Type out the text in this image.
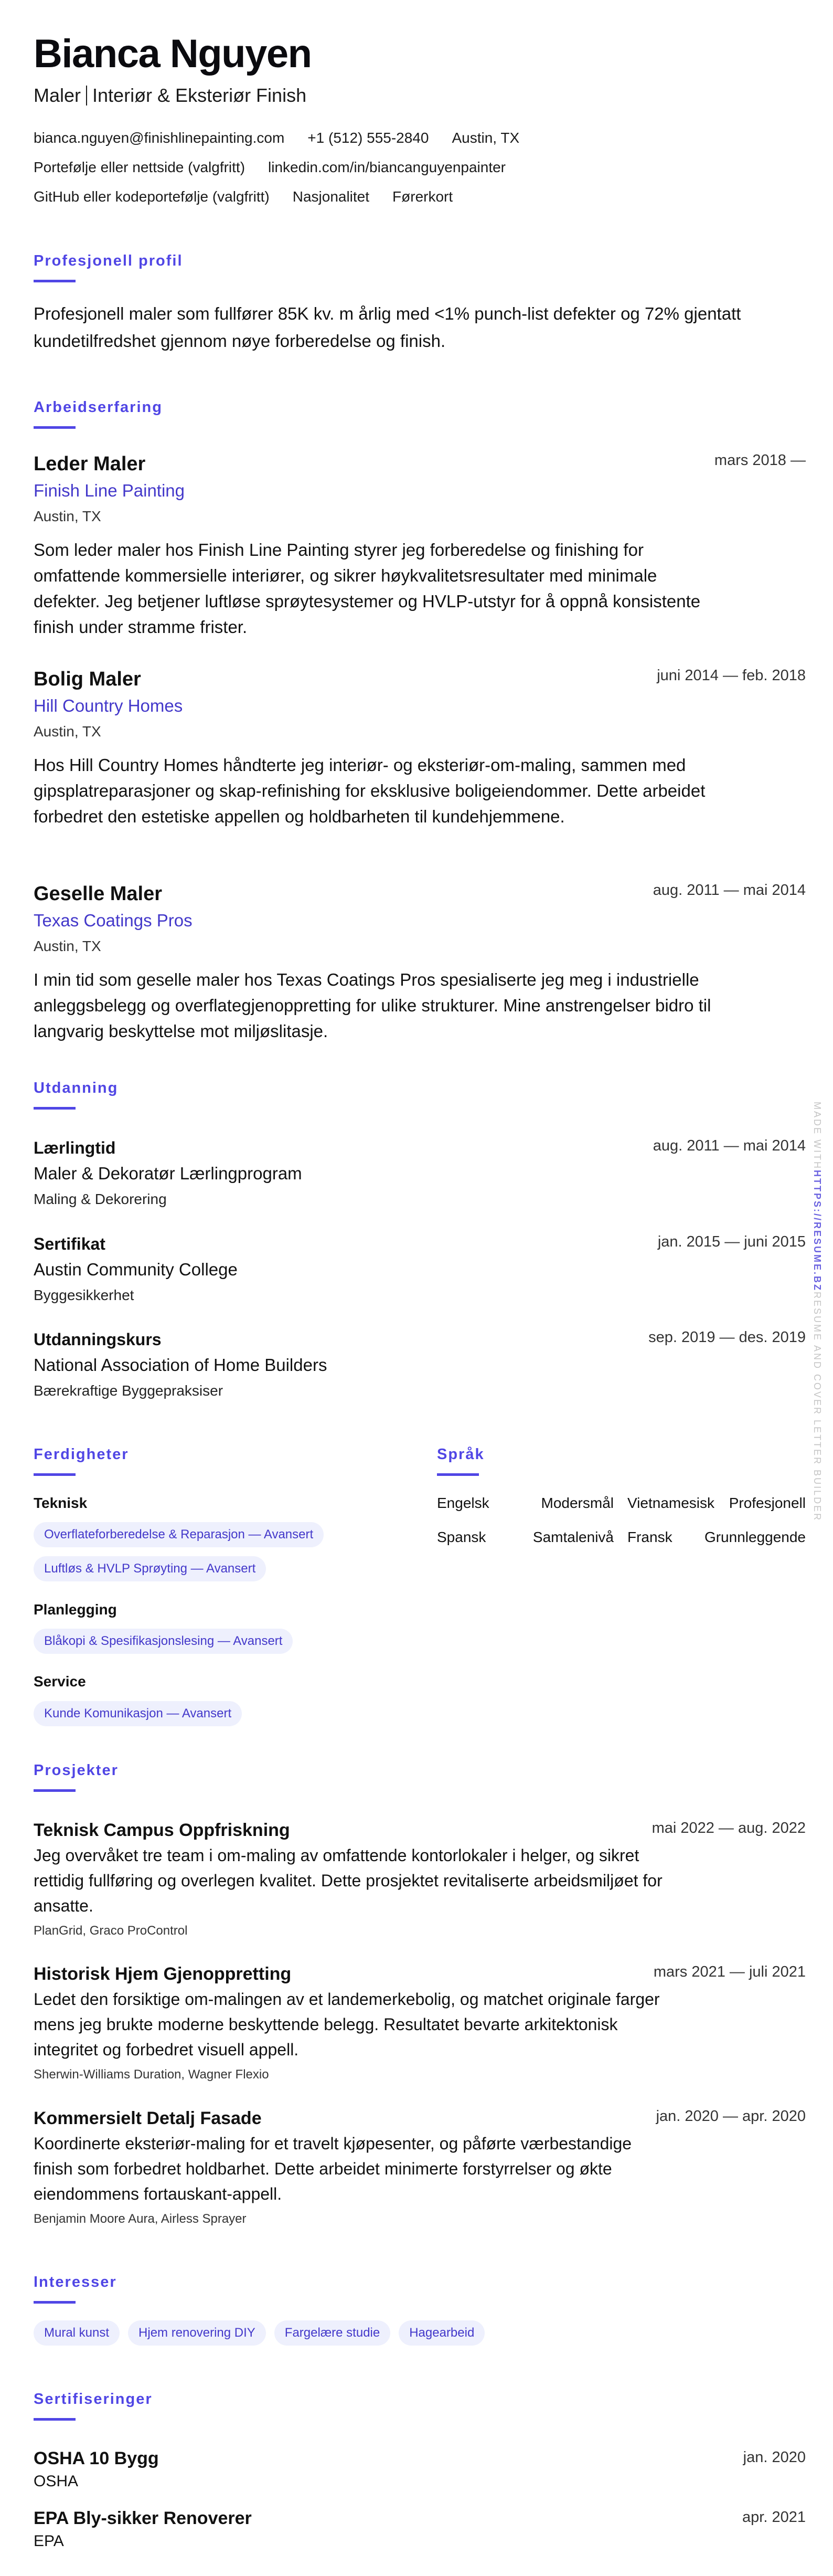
Bianca Nguyen
Maler Interiør & Eksteriør Finish
bianca.nguyen@finishlinepainting.com +1 (512) 555-2840 Austin, TX
Portefølje eller nettside (valgfritt) linkedin.com/in/biancanguyenpainter
GitHub eller kodeportefølje (valgfritt) Nasjonalitet Førerkort
Profesjonell profil
Profesjonell maler som fullfører 85K kv. m årlig med <1% punch-list defekter og 72% gjentatt kundetilfredshet gjennom nøye forberedelse og finish.
Arbeidserfaring
mars 2018 —
Leder Maler
Finish Line Painting
Austin, TX
Som leder maler hos Finish Line Painting styrer jeg forberedelse og finishing for omfattende kommersielle interiører, og sikrer høykvalitetsresultater med minimale defekter. Jeg betjener luftløse sprøytesystemer og HVLP-utstyr for å oppnå konsistente finish under stramme frister.
juni 2014 — feb. 2018
Bolig Maler
Hill Country Homes
Austin, TX
Hos Hill Country Homes håndterte jeg interiør- og eksteriør-om-maling, sammen med gipsplatreparasjoner og skap-refinishing for eksklusive boligeiendommer. Dette arbeidet forbedret den estetiske appellen og holdbarheten til kundehjemmene.
aug. 2011 — mai 2014
Geselle Maler
Texas Coatings Pros
Austin, TX
I min tid som geselle maler hos Texas Coatings Pros spesialiserte jeg meg i industrielle anleggsbelegg og overflategjenoppretting for ulike strukturer. Mine anstrengelser bidro til langvarig beskyttelse mot miljøslitasje.
Utdanning
aug. 2011 — mai 2014
Lærlingtid
Maler & Dekoratør Lærlingprogram
Maling & Dekorering
jan. 2015 — juni 2015
Sertifikat
Austin Community College
Byggesikkerhet
sep. 2019 — des. 2019
Utdanningskurs
National Association of Home Builders
Bærekraftige Byggepraksiser
Ferdigheter
Teknisk
Overflateforberedelse & Reparasjon — Avansert
Luftløs & HVLP Sprøyting — Avansert
Planlegging
Blåkopi & Spesifikasjonslesing — Avansert
Service
Kunde Komunikasjon — Avansert
Språk
Engelsk	Modersmål Vietnamesisk Profesjonell
Spansk	Samtalenivå Fransk Grunnleggende
Prosjekter
mai 2022 — aug. 2022
Teknisk Campus Oppfriskning
Jeg overvåket tre team i om-maling av omfattende kontorlokaler i helger, og sikret rettidig fullføring og overlegen kvalitet. Dette prosjektet revitaliserte arbeidsmiljøet for ansatte.
PlanGrid, Graco ProControl
mars 2021 — juli 2021
Historisk Hjem Gjenoppretting
Ledet den forsiktige om-malingen av et landemerkebolig, og matchet originale farger mens jeg brukte moderne beskyttende belegg. Resultatet bevarte arkitektonisk integritet og forbedret visuell appell.
Sherwin-Williams Duration, Wagner Flexio
jan. 2020 — apr. 2020
Kommersielt Detalj Fasade
Koordinerte eksteriør-maling for et travelt kjøpesenter, og påførte værbestandige finish som forbedret holdbarhet. Dette arbeidet minimerte forstyrrelser og økte eiendommens fortauskant-appell.
Benjamin Moore Aura, Airless Sprayer
Interesser
Mural kunst	Hjem renovering DIY	Fargelære studie	Hagearbeid
Sertifiseringer
jan. 2020
OSHA 10 Bygg
OSHA
apr. 2021
EPA Bly-sikker Renoverer
EPA
MADE WITHHTTPS://RESUME.BZRESUME AND COVER LETTER BUILDER
